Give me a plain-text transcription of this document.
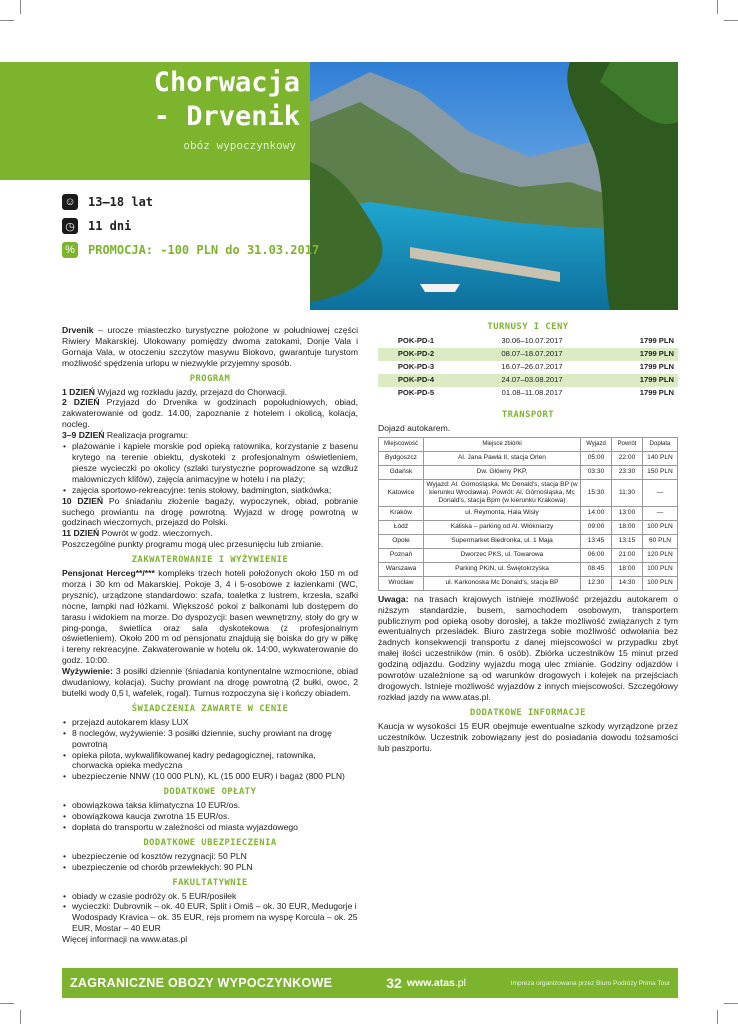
Chorwacja
- Drvenik
obóz wypoczynkowy
☺ 13–18 lat
◷ 11 dni
% PROMOCJA: -100 PLN do 31.03.2017

Drvenik – urocze miasteczko turystyczne położone w południowej części Riwiery Makarskiej. Ulokowany pomiędzy dwoma zatokami, Donje Vala i Gornaja Vala, w otoczeniu szczytów masywu Biokovo, gwarantuje turystom możliwość spędzenia urlopu w niezwykle przyjemny sposób.

PROGRAM

1 DZIEŃ Wyjazd wg rozkładu jazdy, przejazd do Chorwacji.

2 DZIEŃ Przyjazd do Drvenika w godzinach popołudniowych, obiad, zakwaterowanie od godz. 14.00, zapoznanie z hotelem i okolicą, kolacja, nocleg.

3–9 DZIEŃ Realizacja programu:

• plażowanie i kąpiele morskie pod opieką ratownika, korzystanie z basenu krytego na terenie obiektu, dyskoteki z profesjonalnym oświetleniem, piesze wycieczki po okolicy (szlaki turystyczne poprowadzone są wzdłuż malowniczych klifów), zajęcia animacyjne w hotelu i na plaży;
• zajęcia sportowo-rekreacyjne: tenis stołowy, badmington, siatkówka;

10 DZIEŃ Po śniadaniu złożenie bagaży, wypoczynek, obiad, pobranie suchego prowiantu na drogę powrotną. Wyjazd w drogę powrotną w godzinach wieczornych, przejazd do Polski.

11 DZIEŃ Powrót w godz. wieczornych.

Poszczególne punkty programu mogą ulec przesunięciu lub zmianie.

ZAKWATEROWANIE I WYŻYWIENIE

Pensjonat Herceg**/*** kompleks trzech hoteli położonych około 150 m od morza i 30 km od Makarskiej. Pokoje 3, 4 i 5-osobowe z łazienkami (WC, prysznic), urządzone standardowo: szafa, toaletka z lustrem, krzesła, szafki nocne, lampki nad łóżkami. Większość pokoi z balkonami lub dostępem do tarasu i widokiem na morze. Do dyspozycji: basen wewnętrzny, stoły do gry w ping-ponga, świetlica oraz sala dyskotekowa (z profesjonalnym oświetleniem). Około 200 m od pensjonatu znajdują się boiska do gry w piłkę i tereny rekreacyjne. Zakwaterowanie w hotelu ok. 14:00, wykwaterowanie do godz. 10:00.

Wyżywienie: 3 posiłki dziennie (śniadania kontynentalne wzmocnione, obiad dwudaniowy, kolacja). Suchy prowiant na drogę powrotną (2 bułki, owoc, 2 butelki wody 0,5 l, wafelek, rogal). Turnus rozpoczyna się i kończy obiadem.

ŚWIADCZENIA ZAWARTE W CENIE
• przejazd autokarem klasy LUX
• 8 noclegów, wyżywienie: 3 posiłki dziennie, suchy prowiant na drogę powrotną
• opieka pilota, wykwalifikowanej kadry pedagogicznej, ratownika, chorwacka opieka medyczna
• ubezpieczenie NNW (10 000 PLN), KL (15 000 EUR) i bagaż (800 PLN)
DODATKOWE OPŁATY
• obowiązkowa taksa klimatyczna 10 EUR/os.
• obowiązkowa kaucja zwrotna 15 EUR/os.
• dopłata do transportu w zależności od miasta wyjazdowego
DODATKOWE UBEZPIECZENIA
• ubezpieczenie od kosztów rezygnacji: 50 PLN
• ubezpieczenie od chorób przewlekłych: 90 PLN
FAKULTATYWNIE
• obiady w czasie podróży ok. 5 EUR/posiłek
• wycieczki: Dubrovnik – ok. 40 EUR, Split i Omiš – ok. 30 EUR, Medugorje i Wodospady Kravica – ok. 35 EUR, rejs promem na wyspę Korcula – ok. 25 EUR, Mostar – 40 EUR

Więcej informacji na www.atas.pl

TURNUSY I CENY
POK-PD-1	30.06–10.07.2017	1799 PLN
POK-PD-2	08.07–18.07.2017	1799 PLN
POK-PD-3	16.07–26.07.2017	1799 PLN
POK-PD-4	24.07–03.08.2017	1799 PLN
POK-PD-5	01.08–11.08.2017	1799 PLN
TRANSPORT

Dojazd autokarem.

Miejscowość	Miejsce zbiórki	Wyjazd	Powrót	Dopłata
Bydgoszcz	Al. Jana Pawła II, stacja Orlen	05:00	22:00	140 PLN
Gdańsk	Dw. Główny PKP,	03:30	23:30	150 PLN
Katowice	Wyjazd: Al. Górnośląska, Mc Donald's, stacja BP (w kierunku Wrocławia). Powrót: Al. Górnośląska, Mc Donald's, stacja Bpm (w kierunku Krakowa)	15:30	11:30	—
Kraków	ul. Reymonta, Hala Wisły	14:00	13:00	—
Łódź	Kaliska – parking od Al. Włókniarzy	09:00	18:00	100 PLN
Opole	Supermarket Biedronka, ul. 1 Maja	13:45	13:15	60 PLN
Poznań	Dworzec PKS, ul. Towarowa	06:00	21:00	120 PLN
Warszawa	Parking PKiN, ul. Świętokrzyska	08:45	18:00	100 PLN
Wrocław	ul. Karkonoska Mc Donald's, stacja BP	12:30	14:30	100 PLN

Uwaga: na trasach krajowych istnieje możliwość przejazdu autokarem o niższym standardzie, busem, samochodem osobowym, transportem publicznym pod opieką osoby dorosłej, a także możliwość związanych z tym ewentualnych przesiadek. Biuro zastrzega sobie możliwość odwołania bez żadnych konsekwencji transportu z danej miejscowości w przypadku zbyt małej ilości uczestników (min. 6 osób). Zbiórka uczestników 15 minut przed godziną odjazdu. Godziny wyjazdu mogą ulec zmianie. Godziny odjazdów i powrotów uzależnione są od warunków drogowych i kolejek na przejściach drogowych. Istnieje możliwość wyjazdów z innych miejscowości. Szczegółowy rozkład jazdy na www.atas.pl.

DODATKOWE INFORMACJE

Kaucja w wysokości 15 EUR obejmuje ewentualne szkody wyrządzone przez uczestników. Uczestnik zobowiązany jest do posiadania dowodu tożsamości lub paszportu.

ZAGRANICZNE OBOZY WYPOCZYNKOWE	32 www.atas.pl	Impreza organizowana przez Biuro Podróży Prima Tour
